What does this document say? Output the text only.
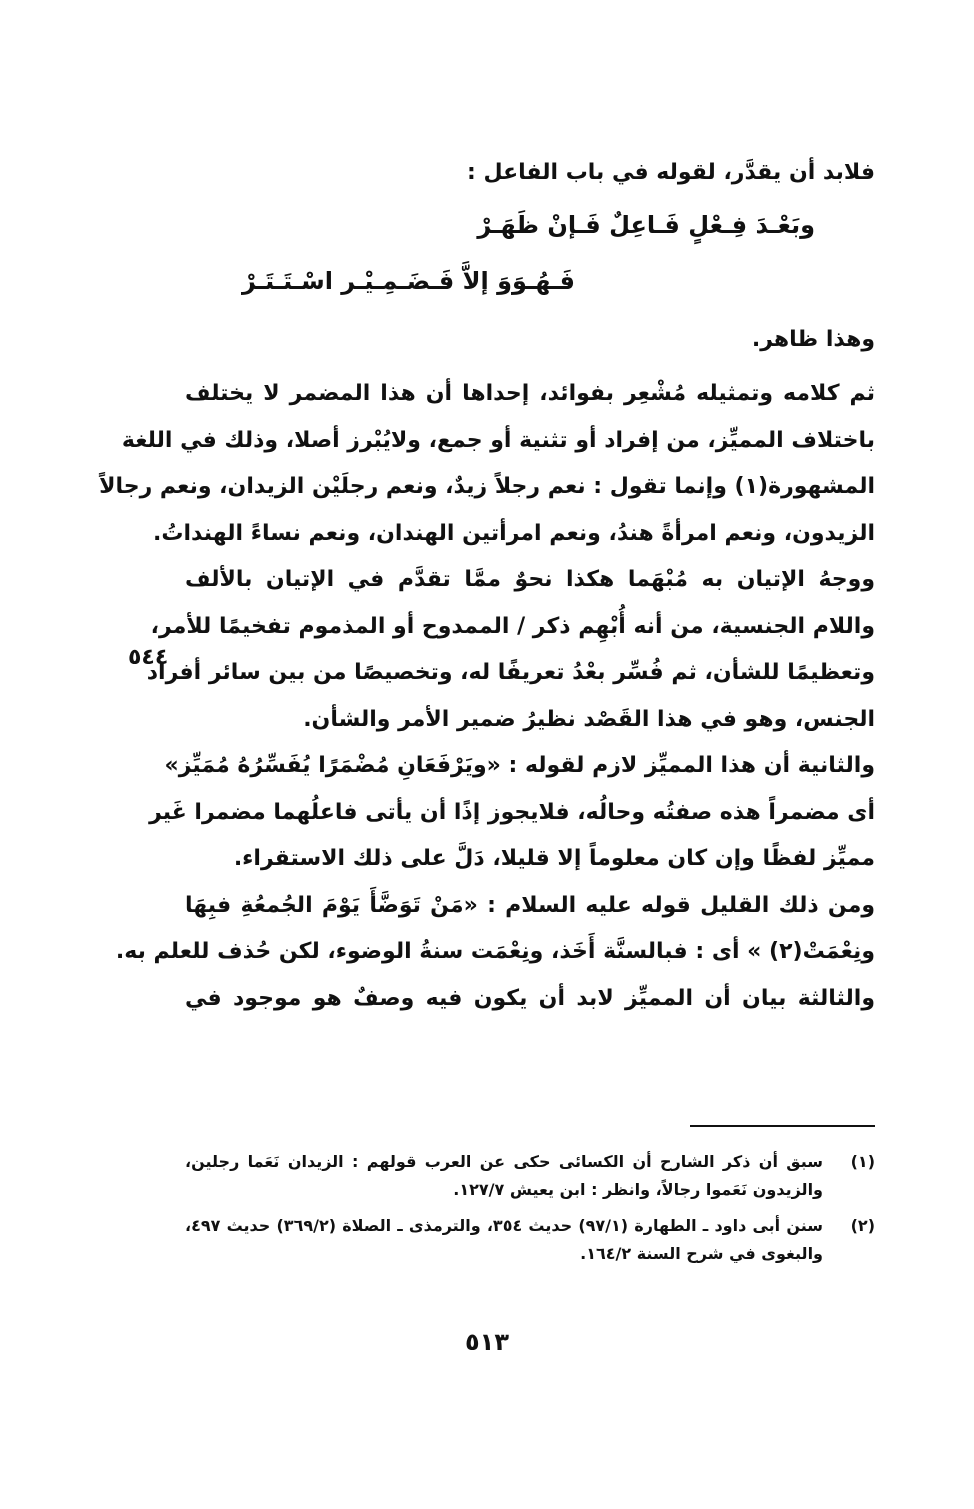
فلابد أن يقدَّر، لقوله في باب الفاعل :
وبَعْـدَ فِـعْلٍ فَـاعِلٌ فَـإنْ ظَهَـرْ
فَـهُـوَوَ إلاَّ فَـضَـمِـيْـر اسْـتَـتَـرْ
وهذا ظاهر.
ثم كلامه وتمثيله مُشْعِر بفوائد، إحداها أن هذا المضمر لا يختلف
باختلاف المميِّز، من إفراد أو تثنية أو جمع، ولايُبْرز أصلا، وذلك في اللغة
المشهورة(١) وإنما تقول : نعم رجلاً زيدٌ، ونعم رجلَيْن الزيدان، ونعم رجالاً
الزيدون، ونعم امرأةً هندُ، ونعم امرأتين الهندان، ونعم نساءً الهنداتُ.
ووجهُ الإتيان به مُبْهَما هكذا نحوٌ ممَّا تقدَّم في الإتيان بالألف
واللام الجنسية، من أنه أُبْهِم ذكر / الممدوح أو المذموم تفخيمًا للأمر،
وتعظيمًا للشأن، ثم فُسِّر بعْدُ تعريفًا له، وتخصيصًا من بين سائر أفراد
الجنس، وهو في هذا القَصْد نظيرُ ضمير الأمر والشأن.
والثانية أن هذا المميِّز لازم لقوله : «ويَرْفَعَانِ مُضْمَرًا يُفَسِّرُهُ مُمَيِّز»
أى مضمراً هذه صفتُه وحالُه، فلايجوز إذًا أن يأتى فاعلُهما مضمرا غَير
مميِّز لفظًا وإن كان معلوماً إلا قليلا، دَلَّ على ذلك الاستقراء.
ومن ذلك القليل قوله عليه السلام : «مَنْ تَوَضَّأَ يَوْمَ الجُمعُةِ فبِهَا
ونِعْمَتْ(٢) » أى : فبالسنَّة أَخَذ، ونِعْمَت سنةُ الوضوء، لكن حُذف للعلم به.
والثالثة بيان أن المميِّز لابد أن يكون فيه وصفٌ هو موجود في
٥٤٤
(١)
سبق أن ذكر الشارح أن الكسائى حكى عن العرب قولهم : الزيدان نَعَما رجلين، والزيدون نَعَموا رجالاً، وانظر : ابن يعيش ١٢٧/٧.
(٢)
سنن أبى داود ـ الطهارة (٩٧/١) حديث ٣٥٤، والترمذى ـ الصلاة (٣٦٩/٢) حديث ٤٩٧، والبغوى في شرح السنة ١٦٤/٢.
٥١٣
